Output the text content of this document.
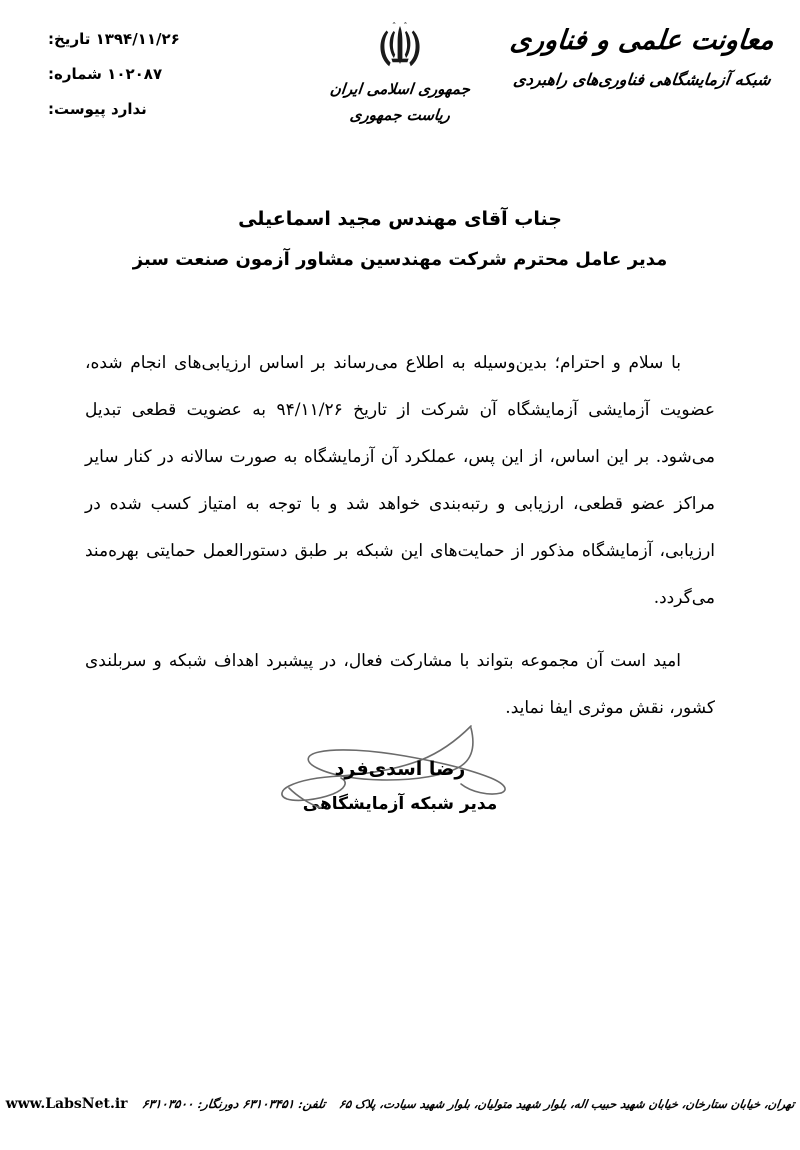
معاونت علمی و فناوری
شبکه آزمایشگاهی فناوری‌های راهبردی
جمهوری اسلامی ایران
ریاست جمهوری
۱۳۹۴/۱۱/۲۶ تاریخ:
۱۰۲۰۸۷ شماره:
ندارد پیوست:
جناب آقای مهندس مجید اسماعیلی
مدیر عامل محترم شرکت مهندسین مشاور آزمون صنعت سبز

با سلام و احترام؛ بدین‌وسیله به اطلاع می‌رساند بر اساس ارزیابی‌های انجام شده، عضویت آزمایشی آزمایشگاه آن شرکت از تاریخ ۹۴/۱۱/۲۶ به عضویت قطعی تبدیل می‌شود. بر این اساس، از این پس، عملکرد آن آزمایشگاه به صورت سالانه در کنار سایر مراکز عضو قطعی، ارزیابی و رتبه‌بندی خواهد شد و با توجه به امتیاز کسب شده در ارزیابی، آزمایشگاه مذکور از حمایت‌های این شبکه بر طبق دستورالعمل حمایتی بهره‌مند می‌گردد.

امید است آن مجموعه بتواند با مشارکت فعال، در پیشبرد اهداف شبکه و سربلندی کشور، نقش موثری ایفا نماید.

رضا اسدی‌فرد
مدیر شبکه آزمایشگاهی
تهران، خیابان ستارخان، خیابان شهید حبیب اله، بلوار شهید متولیان، بلوار شهید سیادت، پلاک ۶۵
تلفن: ۶۳۱۰۳۴۵۱ دورنگار: ۶۳۱۰۳۵۰۰
www.LabsNet.ir
